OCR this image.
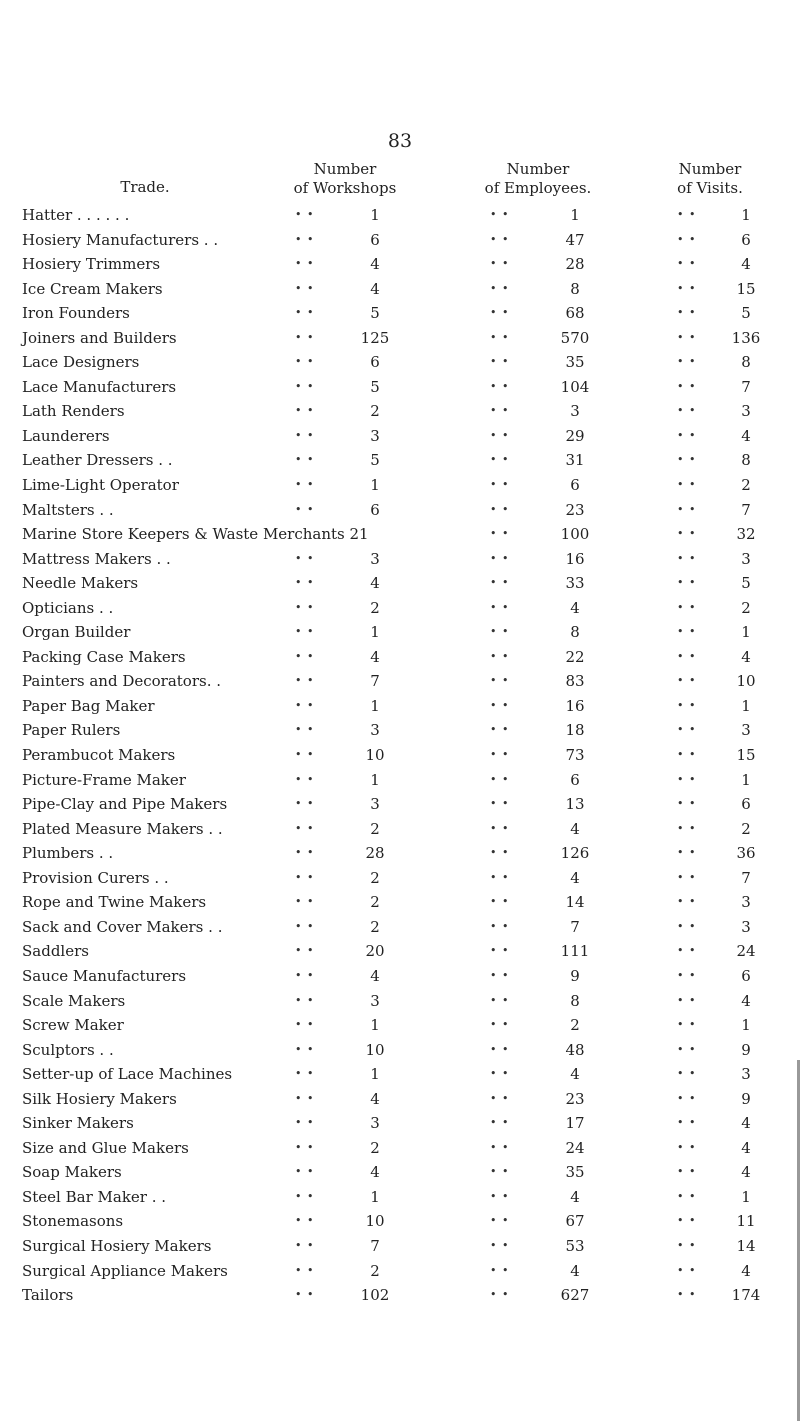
83
Trade.
Number
of Workshops
Number
of Employees.
Number
of Visits.
Hatter . . . . . .	• •	1	• •	1	• •	1
Hosiery Manufacturers . .	• •	6	• •	47	• •	6
Hosiery Trimmers	• •	4	• •	28	• •	4
Ice Cream Makers	• •	4	• •	8	• •	15
Iron Founders	• •	5	• •	68	• •	5
Joiners and Builders	• •	125	• •	570	• •	136
Lace Designers	• •	6	• •	35	• •	8
Lace Manufacturers	• •	5	• •	104	• •	7
Lath Renders	• •	2	• •	3	• •	3
Launderers	• •	3	• •	29	• •	4
Leather Dressers . .	• •	5	• •	31	• •	8
Lime-Light Operator	• •	1	• •	6	• •	2
Maltsters . .	• •	6	• •	23	• •	7
Marine Store Keepers & Waste Merchants 21	• •	100	• •	32
Mattress Makers . .	• •	3	• •	16	• •	3
Needle Makers	• •	4	• •	33	• •	5
Opticians . .	• •	2	• •	4	• •	2
Organ Builder	• •	1	• •	8	• •	1
Packing Case Makers	• •	4	• •	22	• •	4
Painters and Decorators. .	• •	7	• •	83	• •	10
Paper Bag Maker	• •	1	• •	16	• •	1
Paper Rulers	• •	3	• •	18	• •	3
Perambucot Makers	• •	10	• •	73	• •	15
Picture-Frame Maker	• •	1	• •	6	• •	1
Pipe-Clay and Pipe Makers	• •	3	• •	13	• •	6
Plated Measure Makers . .	• •	2	• •	4	• •	2
Plumbers . .	• •	28	• •	126	• •	36
Provision Curers . .	• •	2	• •	4	• •	7
Rope and Twine Makers	• •	2	• •	14	• •	3
Sack and Cover Makers . .	• •	2	• •	7	• •	3
Saddlers	• •	20	• •	111	• •	24
Sauce Manufacturers	• •	4	• •	9	• •	6
Scale Makers	• •	3	• •	8	• •	4
Screw Maker	• •	1	• •	2	• •	1
Sculptors . .	• •	10	• •	48	• •	9
Setter-up of Lace Machines	• •	1	• •	4	• •	3
Silk Hosiery Makers	• •	4	• •	23	• •	9
Sinker Makers	• •	3	• •	17	• •	4
Size and Glue Makers	• •	2	• •	24	• •	4
Soap Makers	• •	4	• •	35	• •	4
Steel Bar Maker . .	• •	1	• •	4	• •	1
Stonemasons	• •	10	• •	67	• •	11
Surgical Hosiery Makers	• •	7	• •	53	• •	14
Surgical Appliance Makers	• •	2	• •	4	• •	4
Tailors	• •	102	• •	627	• •	174
